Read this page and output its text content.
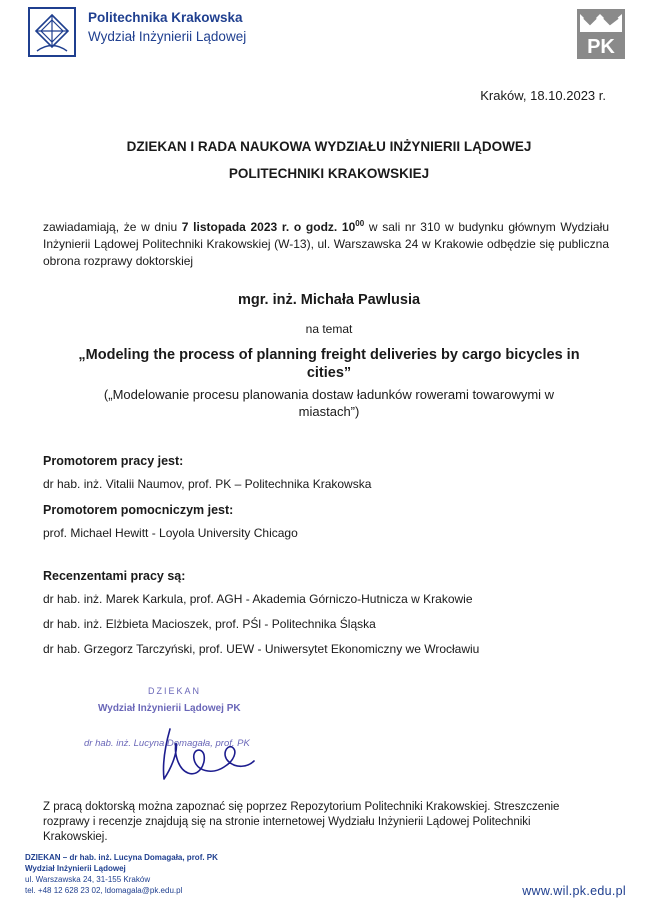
Politechnika Krakowska
Wydział Inżynierii Lądowej	PK
Kraków, 18.10.2023 r.
DZIEKAN I RADA NAUKOWA WYDZIAŁU INŻYNIERII LĄDOWEJ
POLITECHNIKI KRAKOWSKIEJ
zawiadamiają, że w dniu 7 listopada 2023 r. o godz. $10^{00}$ w sali nr 310 w budynku głównym Wydziału Inżynierii Lądowej Politechniki Krakowskiej (W-13), ul. Warszawska 24 w Krakowie odbędzie się publiczna obrona rozprawy doktorskiej
mgr. inż. Michała Pawlusia
na temat
„Modeling the process of planning freight deliveries by cargo bicycles in cities”
(„Modelowanie procesu planowania dostaw ładunków rowerami towarowymi w miastach”)
Promotorem pracy jest:
dr hab. inż. Vitalii Naumov, prof. PK – Politechnika Krakowska
Promotorem pomocniczym jest:
prof. Michael Hewitt - Loyola University Chicago
Recenzentami pracy są:
dr hab. inż. Marek Karkula, prof. AGH - Akademia Górniczo-Hutnicza w Krakowie
dr hab. inż. Elżbieta Macioszek, prof. PŚl - Politechnika Śląska
dr hab. Grzegorz Tarczyński, prof. UEW - Uniwersytet Ekonomiczny we Wrocławiu
DZIEKAN
Wydział Inżynierii Lądowej PK
dr hab. inż. Lucyna Domagała, prof. PK
Z pracą doktorską można zapoznać się poprzez Repozytorium Politechniki Krakowskiej. Streszczenie rozprawy i recenzje znajdują się na stronie internetowej Wydziału Inżynierii Lądowej Politechniki Krakowskiej.
DZIEKAN – dr hab. inż. Lucyna Domagała, prof. PK
Wydział Inżynierii Lądowej
ul. Warszawska 24, 31-155 Kraków
tel. +48 12 628 23 02, ldomagala@pk.edu.pl	www.wil.pk.edu.pl
